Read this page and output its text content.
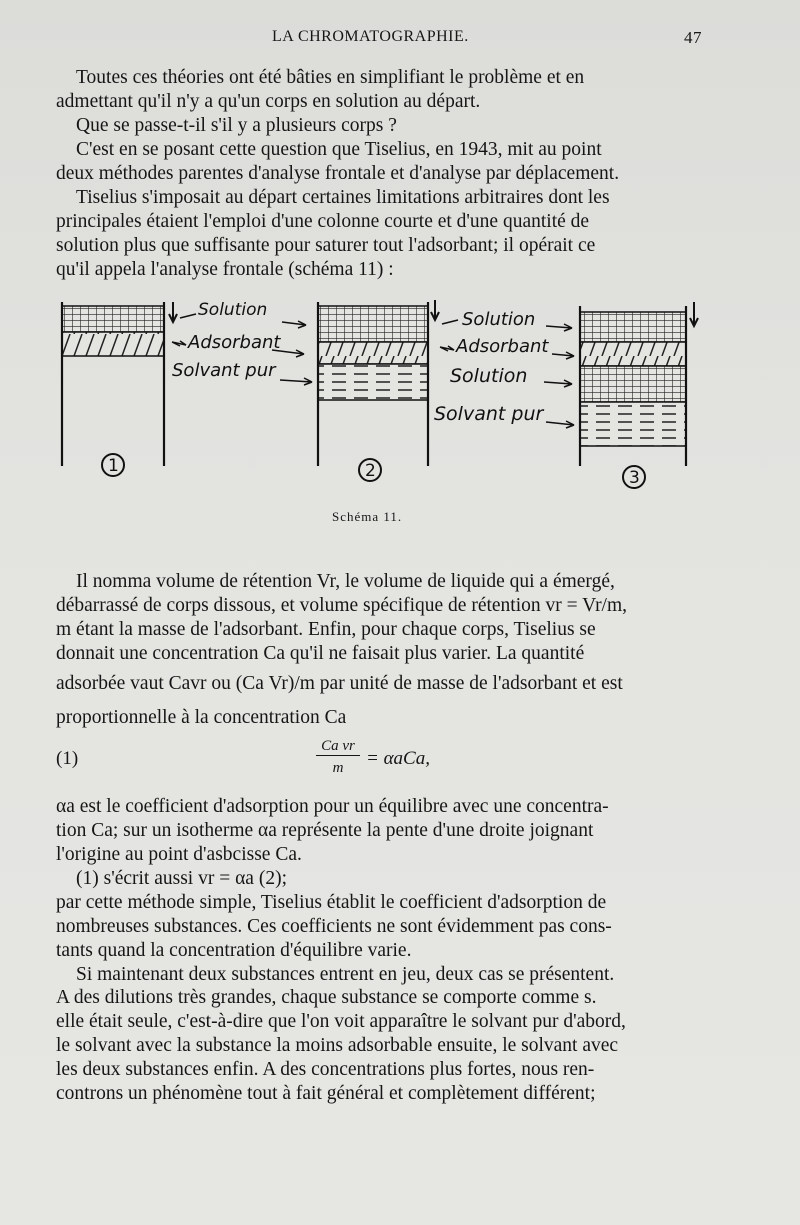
LA CHROMATOGRAPHIE.	47
Toutes ces théories ont été bâties en simplifiant le problème et en
admettant qu'il n'y a qu'un corps en solution au départ.
Que se passe-t-il s'il y a plusieurs corps ?
C'est en se posant cette question que Tiselius, en 1943, mit au point
deux méthodes parentes d'analyse frontale et d'analyse par déplacement.
Tiselius s'imposait au départ certaines limitations arbitraires dont les
principales étaient l'emploi d'une colonne courte et d'une quantité de
solution plus que suffisante pour saturer tout l'adsorbant; il opérait ce
qu'il appela l'analyse frontale (schéma 11) :
1
Solution
Adsorbant
Solvant pur
2
Solution
Adsorbant
Solution
Solvant pur
3
Schéma 11.
Il nomma volume de rétention Vr, le volume de liquide qui a émergé,
débarrassé de corps dissous, et volume spécifique de rétention vr = Vr/m,
m étant la masse de l'adsorbant. Enfin, pour chaque corps, Tiselius se
donnait une concentration Ca qu'il ne faisait plus varier. La quantité
adsorbée vaut Cavr ou (Ca Vr)/m par unité de masse de l'adsorbant et est
proportionnelle à la concentration Ca
(1)
Ca vr
m	= αaCa,
αa est le coefficient d'adsorption pour un équilibre avec une concentra-
tion Ca; sur un isotherme αa représente la pente d'une droite joignant
l'origine au point d'asbcisse Ca.
(1) s'écrit aussi vr = αa (2);
par cette méthode simple, Tiselius établit le coefficient d'adsorption de
nombreuses substances. Ces coefficients ne sont évidemment pas cons-
tants quand la concentration d'équilibre varie.
Si maintenant deux substances entrent en jeu, deux cas se présentent.
A des dilutions très grandes, chaque substance se comporte comme s.
elle était seule, c'est-à-dire que l'on voit apparaître le solvant pur d'abord,
le solvant avec la substance la moins adsorbable ensuite, le solvant avec
les deux substances enfin. A des concentrations plus fortes, nous ren-
controns un phénomène tout à fait général et complètement différent;
